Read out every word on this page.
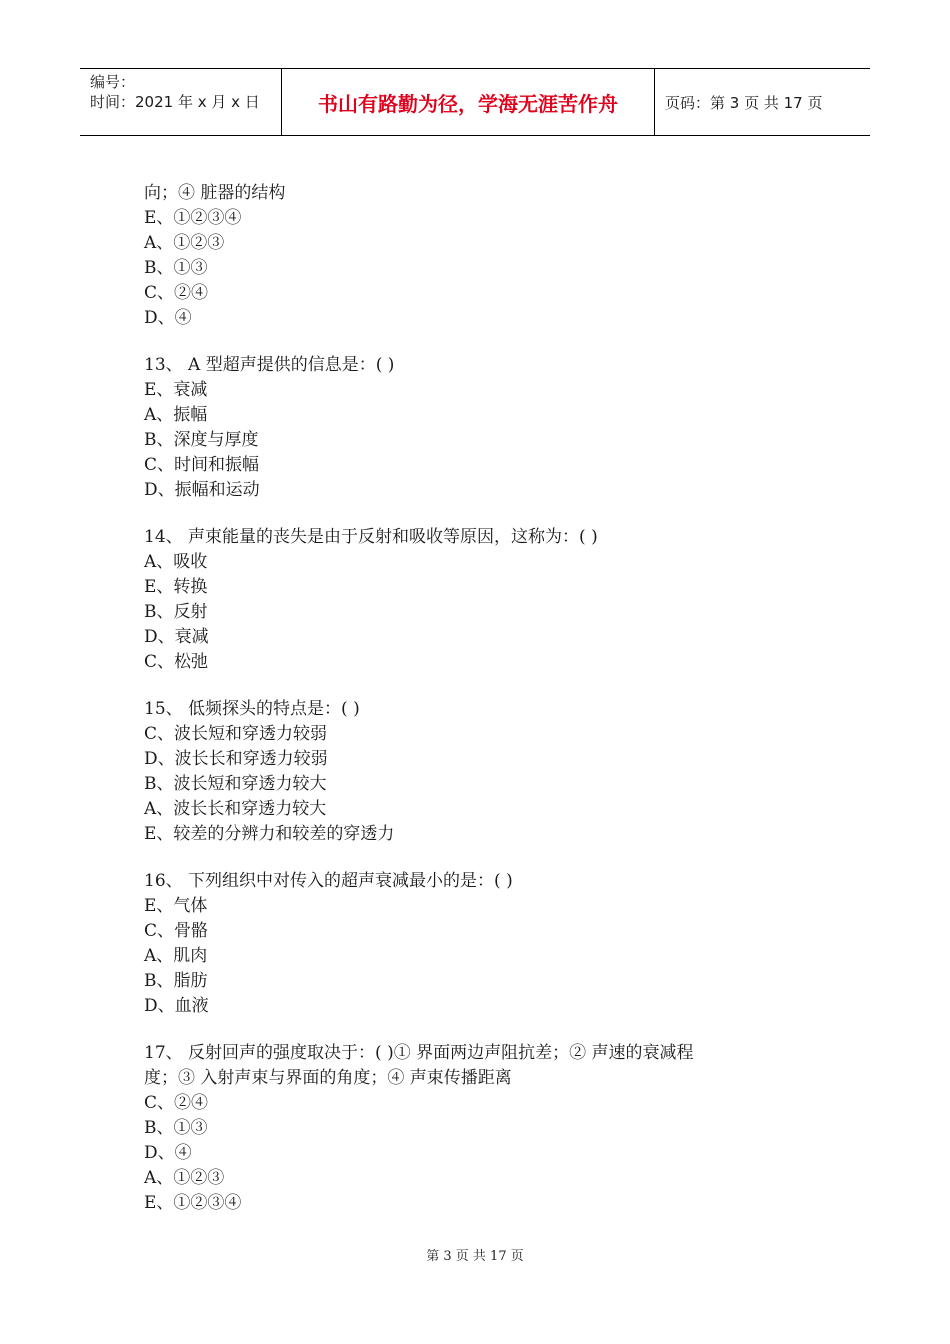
编号：
时间：2021 年 x 月 x 日	书山有路勤为径，学海无涯苦作舟	页码：第 3 页 共 17 页
向；④ 脏器的结构
E、①②③④
A、①②③
B、①③
C、②④
D、④
13、 A 型超声提供的信息是：( )
E、衰减
A、振幅
B、深度与厚度
C、时间和振幅
D、振幅和运动
14、 声束能量的丧失是由于反射和吸收等原因，这称为：( )
A、吸收
E、转换
B、反射
D、衰减
C、松弛
15、 低频探头的特点是：( )
C、波长短和穿透力较弱
D、波长长和穿透力较弱
B、波长短和穿透力较大
A、波长长和穿透力较大
E、较差的分辨力和较差的穿透力
16、 下列组织中对传入的超声衰减最小的是：( )
E、气体
C、骨骼
A、肌肉
B、脂肪
D、血液
17、 反射回声的强度取决于：( )① 界面两边声阻抗差；② 声速的衰减程
度；③ 入射声束与界面的角度；④ 声束传播距离
C、②④
B、①③
D、④
A、①②③
E、①②③④
第 3 页 共 17 页
